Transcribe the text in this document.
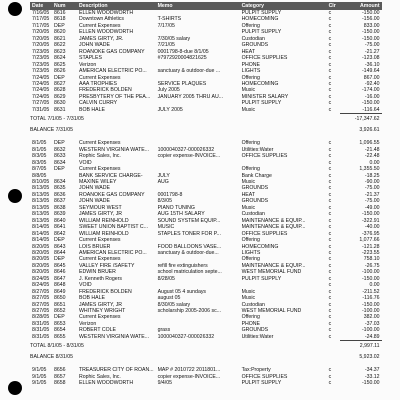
Date	Num	Description	Memo	Category	Clr	Amount
7/16/05	8616	ELLEN WOODWORTH		PULPIT SUPPLY	c	-150.00
7/17/05	8618	Downtown Athletics	T-SHIRTS	HOMECOMING	c	-156.00
7/17/05	DEP	Current Expenses	7/17/05	Offering	c	833.00
7/20/05	8620	ELLEN WOODWORTH		PULPIT SUPPLY	c	-150.00
7/20/05	8621	JAMES GIRTY, JR.	7/30/05 salary	Custodian	c	-150.00
7/20/05	8622	JOHN WADE	7/21/05	GROUNDS	c	-75.00
7/23/05	8623	ROANOKE GAS COMPANY	0001798-8-due 8/1/05	HEAT	c	-21.27
7/23/05	8624	STAPLES	#7972920004821625	OFFICE SUPPLIES	c	-123.08
7/23/05	8625	Verizon		PHONE	c	-36.10
7/23/05	8626	AMERICAN ELECTRIC PO...	sanctuary & outdoor-due ...	LIGHTS	c	-149.64
7/24/05	DEP	Current Expenses		Offering	c	867.00
7/24/05	8627	AAA TROPHIES	SERVICE PLAQUES	HOMECOMING	c	-92.40
7/24/05	8628	FREDERICK BOLDEN	July 2005	Music	c	-174.00
7/24/05	8629	PRESBYTERY OF THE PEA...	JANUARY 2005 THRU AU...	MINISTER SALARY	c	-16.00
7/27/05	8630	CALVIN CURRY		PULPIT SUPPLY	c	-150.00
7/31/05	8631	BOB HALE	JULY 2005	Music	c	-116.64
TOTAL 7/1/05 - 7/31/05						-17,347.62
BALANCE 7/31/05						3,926.61

8/1/05	DEP	Current Expenses		Offering	c	1,096.55
8/1/05	8632	WESTERN VIRGINIA WATE...	1000040327-000026332	Utilities:Water	c	-21.48
8/3/05	8633	Rophic Sales, Inc.	copier expense-INVOICE...	OFFICE SUPPLIES	c	-22.48
8/3/05	8634	VOID			c	0.00
8/7/05	DEP	Current Expenses		Offering	c	1,355.50
8/8/05		BANK SERVICE CHARGE-	JULY	Bank Charge	c	-18.25
8/10/05	8634	MAXINE WILEY	AUG	Music	c	-90.00
8/13/05	8635	JOHN WADE		GROUNDS	c	-75.00
8/13/05	8636	ROANOKE GAS COMPANY	0001798-8	HEAT	c	-21.37
8/13/05	8637	JOHN WADE	8/3/05	GROUNDS	c	-75.00
8/13/05	8638	SEYMOUR WEST	PIANO TUNING	Music	c	-49.00
8/13/05	8639	JAMES GIRTY, JR	AUG 15TH SALARY	Custodian	c	-150.00
8/13/05	8640	WILLIAM REINHOLD	SOUND SYSTEM EQUIP...	MAINTENANCE & EQUIP...	c	-322.91
8/14/05	8641	SWEET UNION BAPTIST C...	MUSIC	MAINTENANCE & EQUIP...	c	-40.00
8/14/05	8642	WILLIAM REINHOLD	STAPLES TONER FOR P...	OFFICE SUPPLIES	c	-376.95
8/14/05	DEP	Current Expenses		Offering	c	1,077.66
8/20/05	8643	LOIS BRUER	FOOD BALLOONS VASE...	HOMECOMING	c	-121.28
8/20/05	8644	AMERICAN ELECTRIC PO...	sanctuary & outdoor-due...	LIGHTS	c	-223.55
8/20/05	DEP	Current Expenses		Offering	c	758.10
8/20/05	8645	VALLEY FIRE /SAFETY	refill fire extinguishers	MAINTENANCE & EQUIP...	c	-26.75
8/20/05	8646	EDWIN BRUER	school matriculation septe...	WEST MEMORIAL FUND	c	-100.00
8/24/05	8647	J. Kenneth Rogers	8/28/05	PULPIT SUPPLY	c	-150.00
8/24/05	8648	VOID			c	0.00
8/27/05	8649	FREDERICK BOLDEN	August 05 4 sundays	Music	c	-211.52
8/27/05	8650	BOB HALE	august 05	Music	c	-116.76
8/27/05	8651	JAMES GIRTY, JR	8/30/05 salary	Custodian	c	-150.00
8/27/05	8652	WHITNEY WRIGHT	scholarship 2005-2006 sc...	WEST MEMORIAL FUND	c	-100.00
8/28/05	DEP	Current Expenses		Offering	c	382.00
8/31/05	8653	Verizon		PHONE	c	-37.03
8/31/05	8654	ROBERT COLE	grass	GROUNDS	c	-100.00
8/31/05	8655	WESTERN VIRGINIA WATE...	1000040327-000026332	Utilities:Water	c	-24.89
TOTAL 8/1/05 - 8/31/05						2,997.11
BALANCE 8/31/05						5,923.02

9/1/05	8656	TREASURER CITY OF ROAN...	MAP # 2010722 2011801...	Tax:Property	c	-34.37
9/1/05	8657	Rophic Sales, Inc.	copier expense-INVOICE...	OFFICE SUPPLIES	c	-33.12
9/1/05	8658	ELLEN WOODWORTH	9/4/05	PULPIT SUPPLY	c	-150.00
